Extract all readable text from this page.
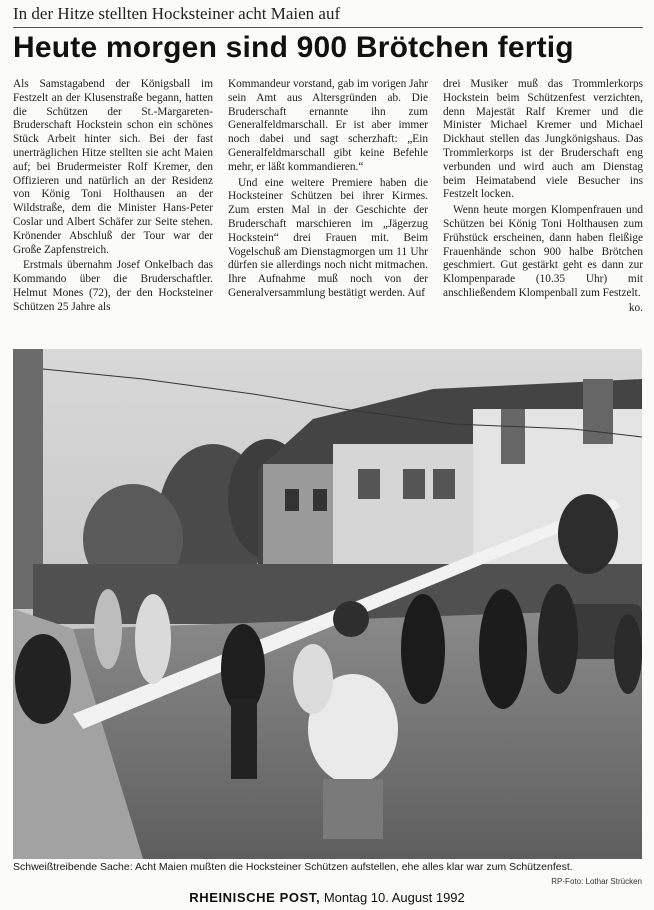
In der Hitze stellten Hocksteiner acht Maien auf
Heute morgen sind 900 Brötchen fertig

Als Samstagabend der Königsball im Festzelt an der Klusenstraße begann, hatten die Schützen der St.-Margareten-Bruderschaft Hockstein schon ein schönes Stück Arbeit hinter sich. Bei der fast unerträglichen Hitze stellten sie acht Maien auf; bei Brudermeister Rolf Kremer, den Offizieren und natürlich an der Residenz von König Toni Holthausen an der Wildstraße, dem die Minister Hans-Peter Coslar und Albert Schäfer zur Seite stehen. Krönender Abschluß der Tour war der Große Zapfenstreich.

Erstmals übernahm Josef Onkelbach das Kommando über die Bruderschaftler. Helmut Mones (72), der den Hocksteiner Schützen 25 Jahre als

Kommandeur vorstand, gab im vorigen Jahr sein Amt aus Altersgründen ab. Die Bruderschaft ernannte ihn zum Generalfeldmarschall. Er ist aber immer noch dabei und sagt scherzhaft: „Ein Generalfeldmarschall gibt keine Befehle mehr, er läßt kommandieren.“

Und eine weitere Premiere haben die Hocksteiner Schützen bei ihrer Kirmes. Zum ersten Mal in der Geschichte der Bruderschaft marschieren im „Jägerzug Hockstein“ drei Frauen mit. Beim Vogelschuß am Dienstagmorgen um 11 Uhr dürfen sie allerdings noch nicht mitmachen. Ihre Aufnahme muß noch von der Generalversammlung bestätigt werden. Auf

drei Musiker muß das Trommlerkorps Hockstein beim Schützenfest verzichten, denn Majestät Ralf Kremer und die Minister Michael Kremer und Michael Dickhaut stellen das Jungkönigshaus. Das Trommlerkorps ist der Bruderschaft eng verbunden und wird auch am Dienstag beim Heimatabend viele Besucher ins Festzelt locken.

Wenn heute morgen Klompenfrauen und Schützen bei König Toni Holthausen zum Frühstück erscheinen, dann haben fleißige Frauenhände schon 900 halbe Brötchen geschmiert. Gut gestärkt geht es dann zur Klompenparade (10.35 Uhr) mit anschließendem Klompenball zum Festzelt.

ko.

Schweißtreibende Sache: Acht Maien mußten die Hocksteiner Schützen aufstellen, ehe alles klar war zum Schützenfest.
RP-Foto: Lothar Strücken
RHEINISCHE POST, Montag 10. August 1992
